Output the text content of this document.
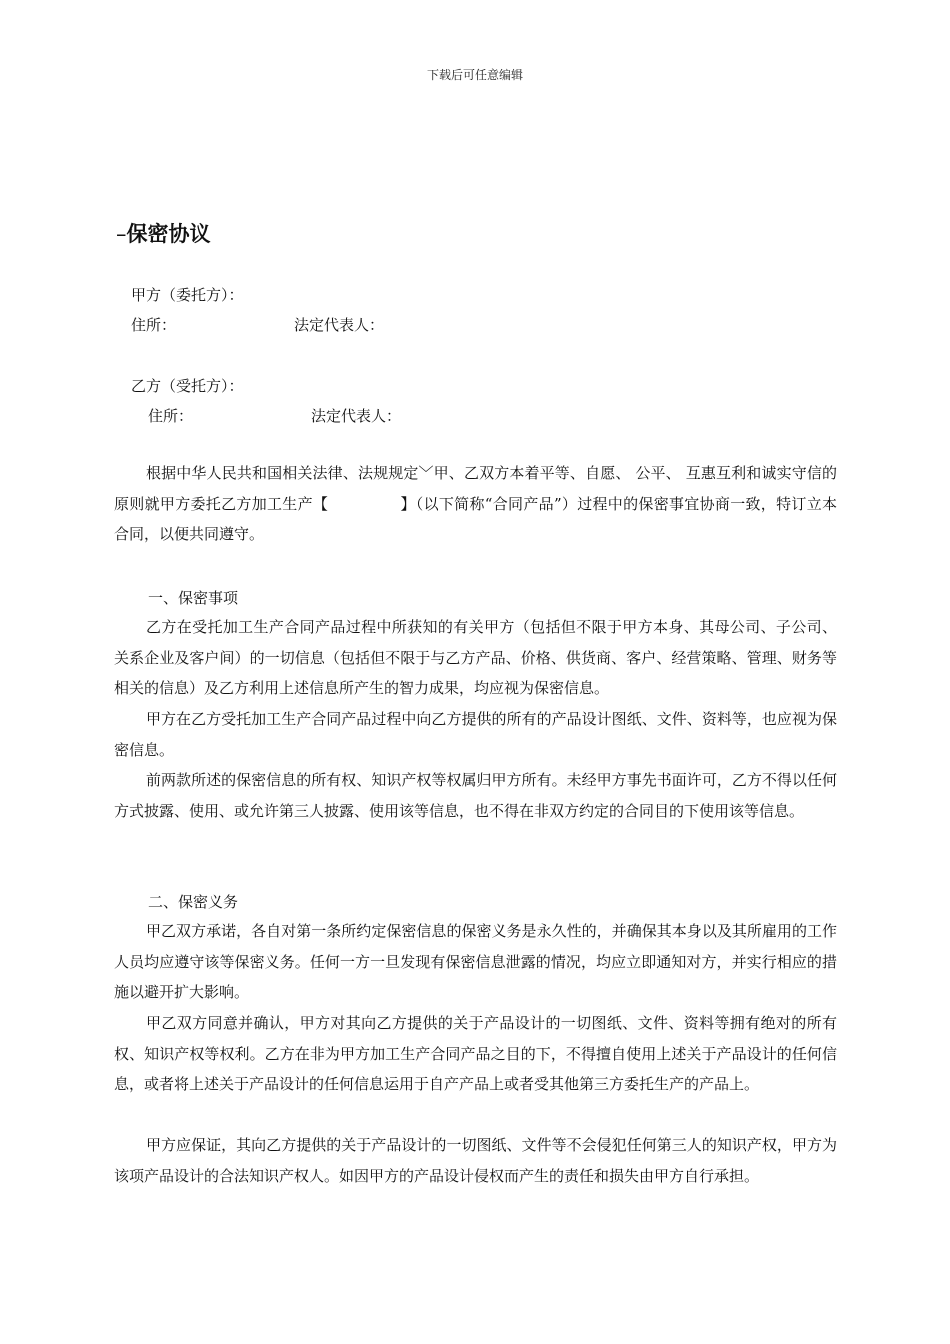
下载后可任意编辑
–保密协议
甲方（委托方）：
住所：	法定代表人：
乙方（受托方）：
住所：	法定代表人：
根据中华人民共和国相关法律、法规规定﹀甲、乙双方本着平等、自愿、 公平、 互惠互利和诚实守信的原则就甲方委托乙方加工生产【	】（以下简称“合同产品”）过程中的保密事宜协商一致，特订立本合同，以便共同遵守。
一、保密事项
乙方在受托加工生产合同产品过程中所获知的有关甲方（包括但不限于甲方本身、其母公司、子公司、 关系企业及客户间）的一切信息（包括但不限于与乙方产品、价格、供货商、客户、经营策略、管理、财务等相关的信息）及乙方利用上述信息所产生的智力成果，均应视为保密信息。
甲方在乙方受托加工生产合同产品过程中向乙方提供的所有的产品设计图纸、文件、资料等，也应视为保密信息。
前两款所述的保密信息的所有权、知识产权等权属归甲方所有。未经甲方事先书面许可，乙方不得以任何方式披露、使用、或允许第三人披露、使用该等信息，也不得在非双方约定的合同目的下使用该等信息。
二、保密义务
甲乙双方承诺，各自对第一条所约定保密信息的保密义务是永久性的，并确保其本身以及其所雇用的工作人员均应遵守该等保密义务。任何一方一旦发现有保密信息泄露的情况，均应立即通知对方，并实行相应的措施以避开扩大影响。
甲乙双方同意并确认，甲方对其向乙方提供的关于产品设计的一切图纸、文件、资料等拥有绝对的所有权、知识产权等权利。乙方在非为甲方加工生产合同产品之目的下，不得擅自使用上述关于产品设计的任何信息，或者将上述关于产品设计的任何信息运用于自产产品上或者受其他第三方委托生产的产品上。
甲方应保证，其向乙方提供的关于产品设计的一切图纸、文件等不会侵犯任何第三人的知识产权，甲方为该项产品设计的合法知识产权人。如因甲方的产品设计侵权而产生的责任和损失由甲方自行承担。
